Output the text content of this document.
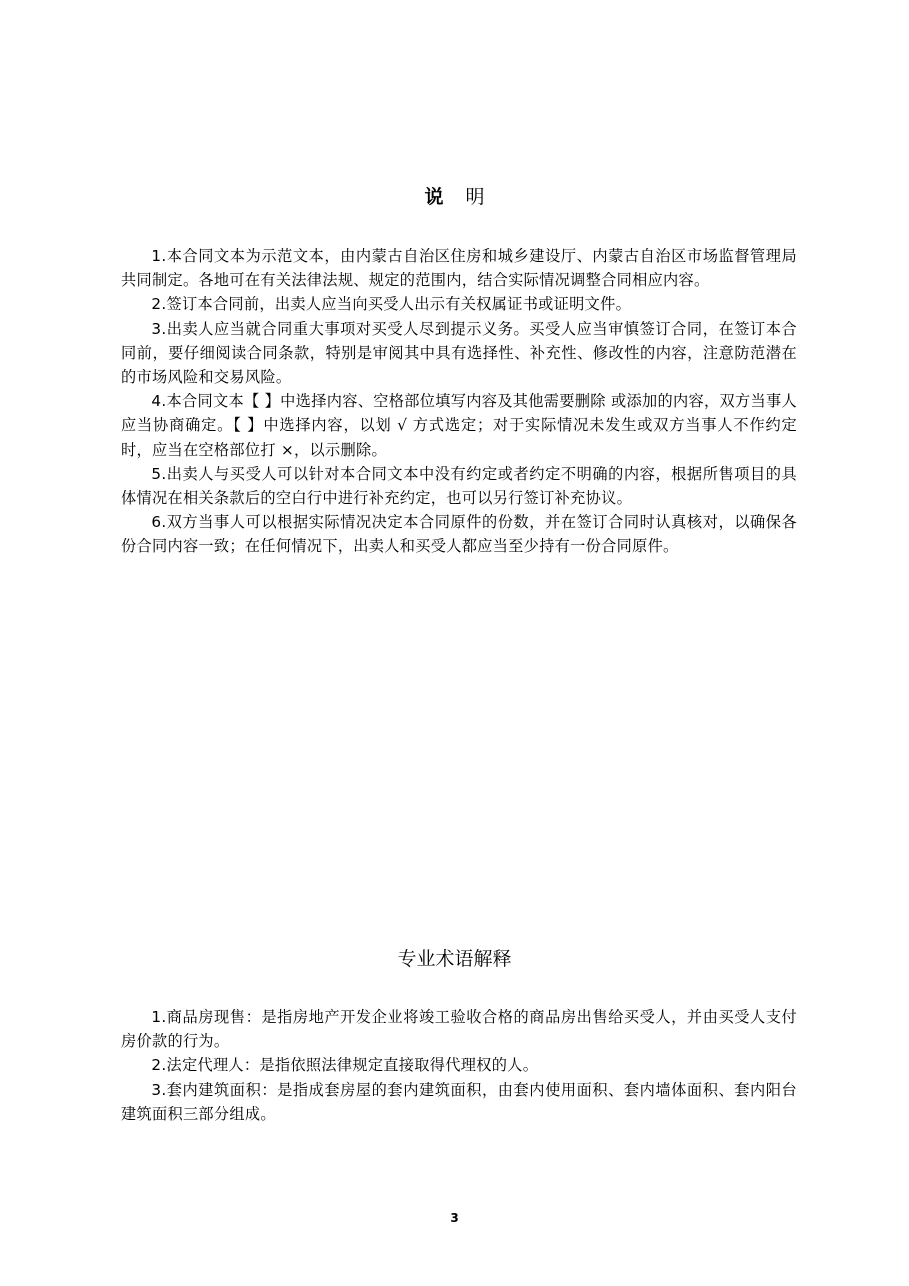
说 明

1.本合同文本为示范文本，由内蒙古自治区住房和城乡建设厅、内蒙古自治区市场监督管理局共同制定。各地可在有关法律法规、规定的范围内，结合实际情况调整合同相应内容。

2.签订本合同前，出卖人应当向买受人出示有关权属证书或证明文件。

3.出卖人应当就合同重大事项对买受人尽到提示义务。买受人应当审慎签订合同，在签订本合同前，要仔细阅读合同条款，特别是审阅其中具有选择性、补充性、修改性的内容，注意防范潜在的市场风险和交易风险。

4.本合同文本【 】中选择内容、空格部位填写内容及其他需要删除 或添加的内容，双方当事人应当协商确定。【 】中选择内容，以划 √ 方式选定；对于实际情况未发生或双方当事人不作约定时，应当在空格部位打 ×，以示删除。

5.出卖人与买受人可以针对本合同文本中没有约定或者约定不明确的内容，根据所售项目的具体情况在相关条款后的空白行中进行补充约定，也可以另行签订补充协议。

6.双方当事人可以根据实际情况决定本合同原件的份数，并在签订合同时认真核对，以确保各份合同内容一致；在任何情况下，出卖人和买受人都应当至少持有一份合同原件。

专业术语解释

1.商品房现售：是指房地产开发企业将竣工验收合格的商品房出售给买受人，并由买受人支付房价款的行为。

2.法定代理人：是指依照法律规定直接取得代理权的人。

3.套内建筑面积：是指成套房屋的套内建筑面积，由套内使用面积、套内墙体面积、套内阳台建筑面积三部分组成。

3
